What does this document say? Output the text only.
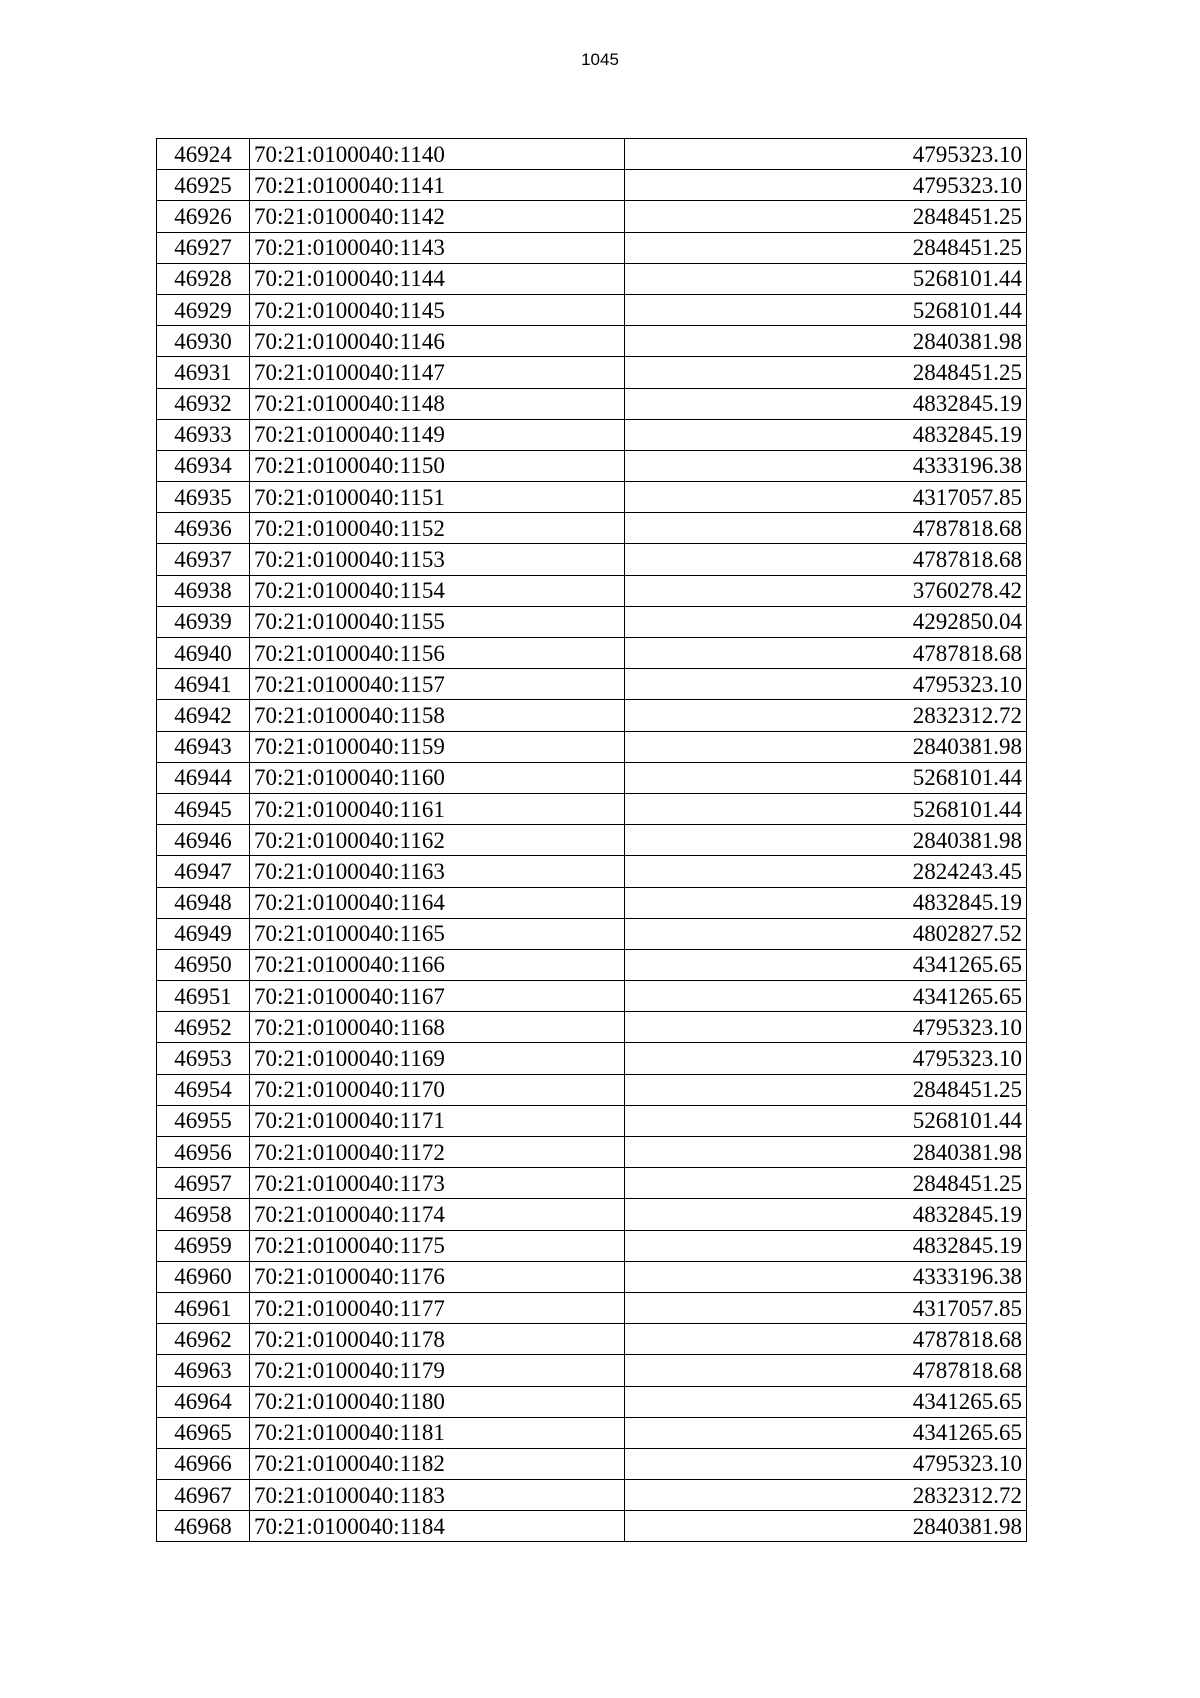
1045
46924	70:21:0100040:1140	4795323.10
46925	70:21:0100040:1141	4795323.10
46926	70:21:0100040:1142	2848451.25
46927	70:21:0100040:1143	2848451.25
46928	70:21:0100040:1144	5268101.44
46929	70:21:0100040:1145	5268101.44
46930	70:21:0100040:1146	2840381.98
46931	70:21:0100040:1147	2848451.25
46932	70:21:0100040:1148	4832845.19
46933	70:21:0100040:1149	4832845.19
46934	70:21:0100040:1150	4333196.38
46935	70:21:0100040:1151	4317057.85
46936	70:21:0100040:1152	4787818.68
46937	70:21:0100040:1153	4787818.68
46938	70:21:0100040:1154	3760278.42
46939	70:21:0100040:1155	4292850.04
46940	70:21:0100040:1156	4787818.68
46941	70:21:0100040:1157	4795323.10
46942	70:21:0100040:1158	2832312.72
46943	70:21:0100040:1159	2840381.98
46944	70:21:0100040:1160	5268101.44
46945	70:21:0100040:1161	5268101.44
46946	70:21:0100040:1162	2840381.98
46947	70:21:0100040:1163	2824243.45
46948	70:21:0100040:1164	4832845.19
46949	70:21:0100040:1165	4802827.52
46950	70:21:0100040:1166	4341265.65
46951	70:21:0100040:1167	4341265.65
46952	70:21:0100040:1168	4795323.10
46953	70:21:0100040:1169	4795323.10
46954	70:21:0100040:1170	2848451.25
46955	70:21:0100040:1171	5268101.44
46956	70:21:0100040:1172	2840381.98
46957	70:21:0100040:1173	2848451.25
46958	70:21:0100040:1174	4832845.19
46959	70:21:0100040:1175	4832845.19
46960	70:21:0100040:1176	4333196.38
46961	70:21:0100040:1177	4317057.85
46962	70:21:0100040:1178	4787818.68
46963	70:21:0100040:1179	4787818.68
46964	70:21:0100040:1180	4341265.65
46965	70:21:0100040:1181	4341265.65
46966	70:21:0100040:1182	4795323.10
46967	70:21:0100040:1183	2832312.72
46968	70:21:0100040:1184	2840381.98
